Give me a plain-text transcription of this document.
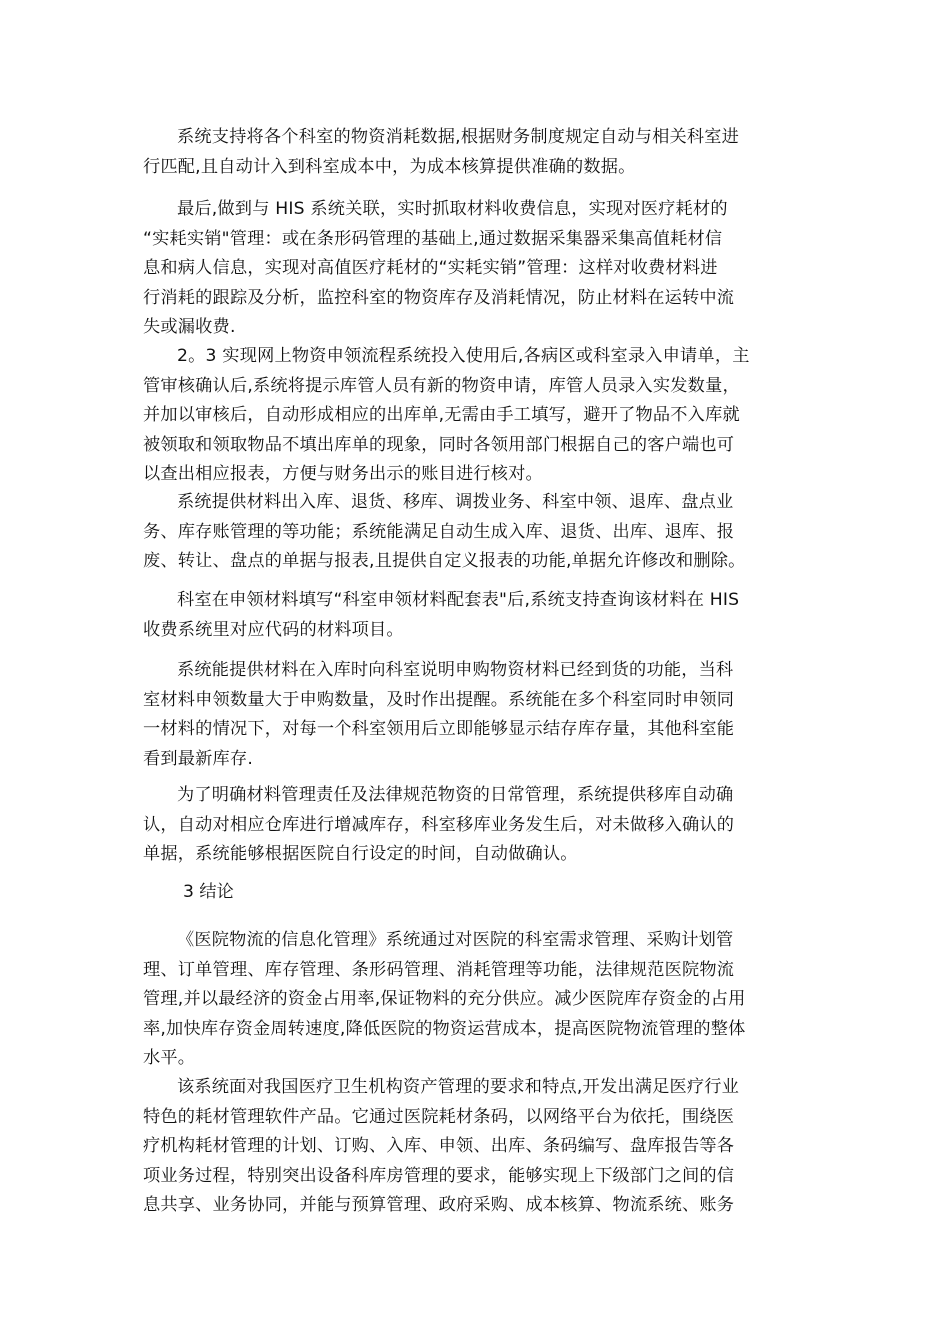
系统支持将各个科室的物资消耗数据,根据财务制度规定自动与相关科室进
行匹配,且自动计入到科室成本中，为成本核算提供准确的数据。

最后,做到与 HIS 系统关联，实时抓取材料收费信息，实现对医疗耗材的
“实耗实销"管理：或在条形码管理的基础上,通过数据采集器采集高值耗材信
息和病人信息，实现对高值医疗耗材的“实耗实销”管理：这样对收费材料进
行消耗的跟踪及分析，监控科室的物资库存及消耗情况，防止材料在运转中流
失或漏收费.

2。3 实现网上物资申领流程系统投入使用后,各病区或科室录入申请单，主
管审核确认后,系统将提示库管人员有新的物资申请，库管人员录入实发数量，
并加以审核后，自动形成相应的出库单,无需由手工填写，避开了物品不入库就
被领取和领取物品不填出库单的现象，同时各领用部门根据自己的客户端也可
以查出相应报表，方便与财务出示的账目进行核对。

系统提供材料出入库、退货、移库、调拨业务、科室中领、退库、盘点业
务、库存账管理的等功能；系统能满足自动生成入库、退货、出库、退库、报
废、转让、盘点的单据与报表,且提供自定义报表的功能,单据允许修改和删除。

科室在申领材料填写“科室申领材料配套表"后,系统支持查询该材料在 HIS
收费系统里对应代码的材料项目。

系统能提供材料在入库时向科室说明申购物资材料已经到货的功能，当科
室材料申领数量大于申购数量，及时作出提醒。系统能在多个科室同时申领同
一材料的情况下，对每一个科室领用后立即能够显示结存库存量，其他科室能
看到最新库存.

为了明确材料管理责任及法律规范物资的日常管理，系统提供移库自动确
认，自动对相应仓库进行增减库存，科室移库业务发生后，对未做移入确认的
单据，系统能够根据医院自行设定的时间，自动做确认。

3 结论

《医院物流的信息化管理》系统通过对医院的科室需求管理、采购计划管
理、订单管理、库存管理、条形码管理、消耗管理等功能，法律规范医院物流
管理,并以最经济的资金占用率,保证物料的充分供应。减少医院库存资金的占用
率,加快库存资金周转速度,降低医院的物资运营成本，提高医院物流管理的整体
水平。

该系统面对我国医疗卫生机构资产管理的要求和特点,开发出满足医疗行业
特色的耗材管理软件产品。它通过医院耗材条码，以网络平台为依托，围绕医
疗机构耗材管理的计划、订购、入库、申领、出库、条码编写、盘库报告等各
项业务过程，特别突出设备科库房管理的要求，能够实现上下级部门之间的信
息共享、业务协同，并能与预算管理、政府采购、成本核算、物流系统、账务
